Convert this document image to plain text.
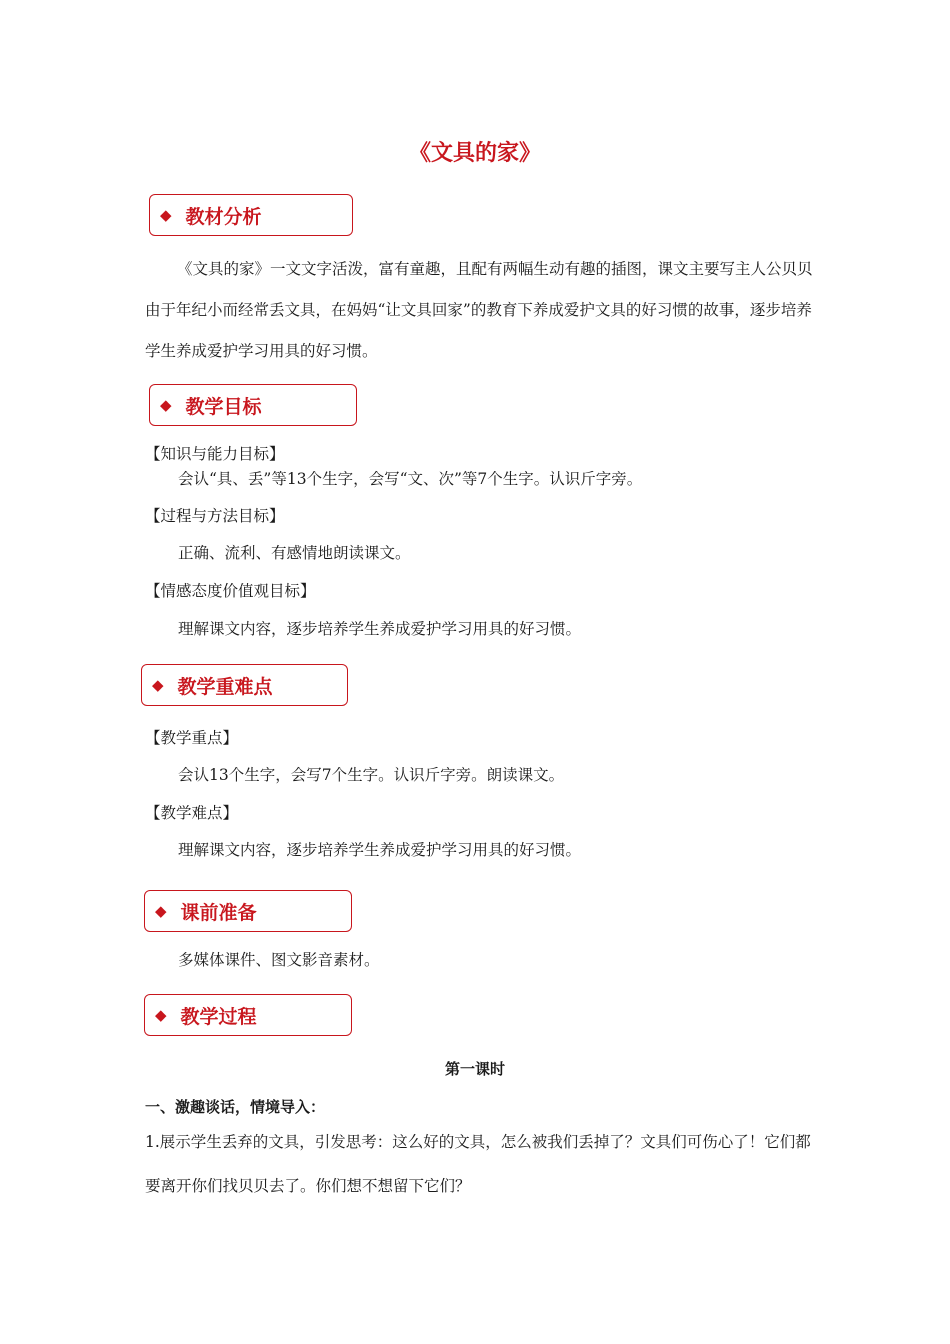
《文具的家》
◆ 教材分析
《文具的家》一文文字活泼，富有童趣，且配有两幅生动有趣的插图，课文主要写主人公贝贝由于年纪小而经常丢文具，在妈妈“让文具回家”的教育下养成爱护文具的好习惯的故事，逐步培养学生养成爱护学习用具的好习惯。
◆ 教学目标
【知识与能力目标】
会认“具、丢”等13个生字，会写“文、次”等7个生字。认识斤字旁。
【过程与方法目标】
正确、流利、有感情地朗读课文。
【情感态度价值观目标】
理解课文内容，逐步培养学生养成爱护学习用具的好习惯。
◆ 教学重难点
【教学重点】
会认13个生字，会写7个生字。认识斤字旁。朗读课文。
【教学难点】
理解课文内容，逐步培养学生养成爱护学习用具的好习惯。
◆ 课前准备
多媒体课件、图文影音素材。
◆ 教学过程
第一课时
一、激趣谈话，情境导入：
1.展示学生丢弃的文具，引发思考：这么好的文具，怎么被我们丢掉了？文具们可伤心了！它们都要离开你们找贝贝去了。你们想不想留下它们？
